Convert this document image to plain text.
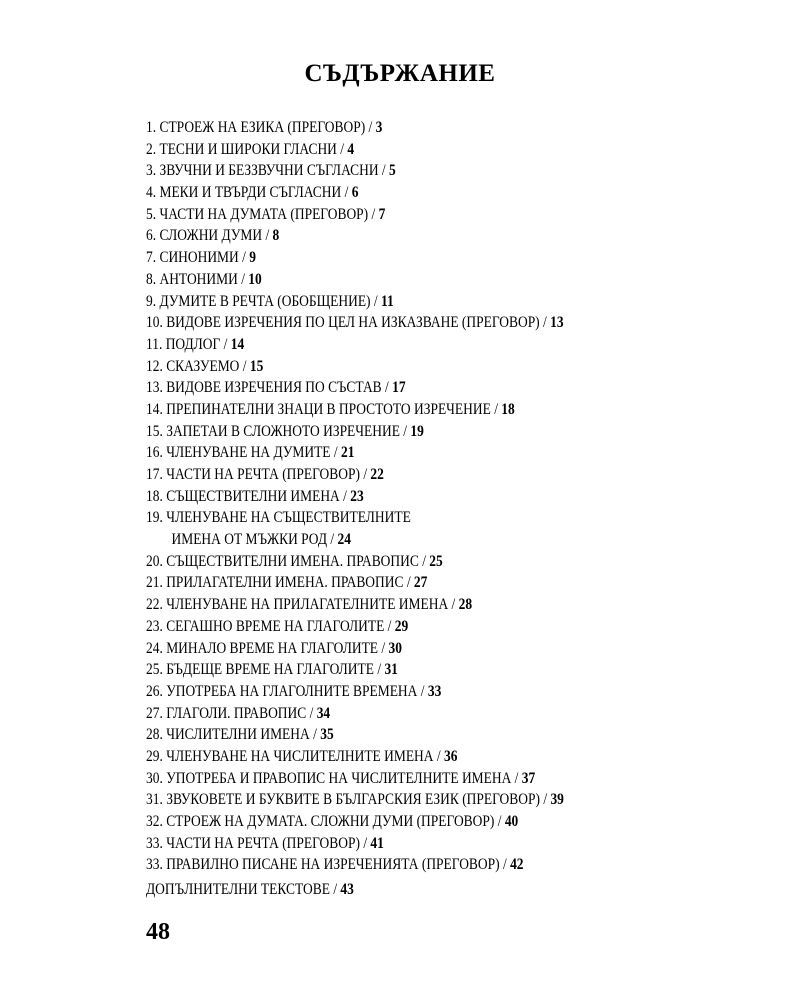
СЪДЪРЖАНИЕ
1. СТРОЕЖ НА ЕЗИКА (ПРЕГОВОР) / 3
2. ТЕСНИ И ШИРОКИ ГЛАСНИ / 4
3. ЗВУЧНИ И БЕЗЗВУЧНИ СЪГЛАСНИ / 5
4. МЕКИ И ТВЪРДИ СЪГЛАСНИ / 6
5. ЧАСТИ НА ДУМАТА (ПРЕГОВОР) / 7
6. СЛОЖНИ ДУМИ / 8
7. СИНОНИМИ / 9
8. АНТОНИМИ / 10
9. ДУМИТЕ В РЕЧТА (ОБОБЩЕНИЕ) / 11
10. ВИДОВЕ ИЗРЕЧЕНИЯ ПО ЦЕЛ НА ИЗКАЗВАНЕ (ПРЕГОВОР) / 13
11. ПОДЛОГ / 14
12. СКАЗУЕМО / 15
13. ВИДОВЕ ИЗРЕЧЕНИЯ ПО СЪСТАВ / 17
14. ПРЕПИНАТЕЛНИ ЗНАЦИ В ПРОСТОТО ИЗРЕЧЕНИЕ / 18
15. ЗАПЕТАИ В СЛОЖНОТО ИЗРЕЧЕНИЕ / 19
16. ЧЛЕНУВАНЕ НА ДУМИТЕ / 21
17. ЧАСТИ НА РЕЧТА (ПРЕГОВОР) / 22
18. СЪЩЕСТВИТЕЛНИ ИМЕНА / 23
19. ЧЛЕНУВАНЕ НА СЪЩЕСТВИТЕЛНИТЕ
ИМЕНА ОТ МЪЖКИ РОД / 24
20. СЪЩЕСТВИТЕЛНИ ИМЕНА. ПРАВОПИС / 25
21. ПРИЛАГАТЕЛНИ ИМЕНА. ПРАВОПИС / 27
22. ЧЛЕНУВАНЕ НА ПРИЛАГАТЕЛНИТЕ ИМЕНА / 28
23. СЕГАШНО ВРЕМЕ НА ГЛАГОЛИТЕ / 29
24. МИНАЛО ВРЕМЕ НА ГЛАГОЛИТЕ / 30
25. БЪДЕЩЕ ВРЕМЕ НА ГЛАГОЛИТЕ / 31
26. УПОТРЕБА НА ГЛАГОЛНИТЕ ВРЕМЕНА / 33
27. ГЛАГОЛИ. ПРАВОПИС / 34
28. ЧИСЛИТЕЛНИ ИМЕНА / 35
29. ЧЛЕНУВАНЕ НА ЧИСЛИТЕЛНИТЕ ИМЕНА / 36
30. УПОТРЕБА И ПРАВОПИС НА ЧИСЛИТЕЛНИТЕ ИМЕНА / 37
31. ЗВУКОВЕТЕ И БУКВИТЕ В БЪЛГАРСКИЯ ЕЗИК (ПРЕГОВОР) / 39
32. СТРОЕЖ НА ДУМАТА. СЛОЖНИ ДУМИ (ПРЕГОВОР) / 40
33. ЧАСТИ НА РЕЧТА (ПРЕГОВОР) / 41
33. ПРАВИЛНО ПИСАНЕ НА ИЗРЕЧЕНИЯТА (ПРЕГОВОР) / 42
ДОПЪЛНИТЕЛНИ ТЕКСТОВЕ / 43
48
